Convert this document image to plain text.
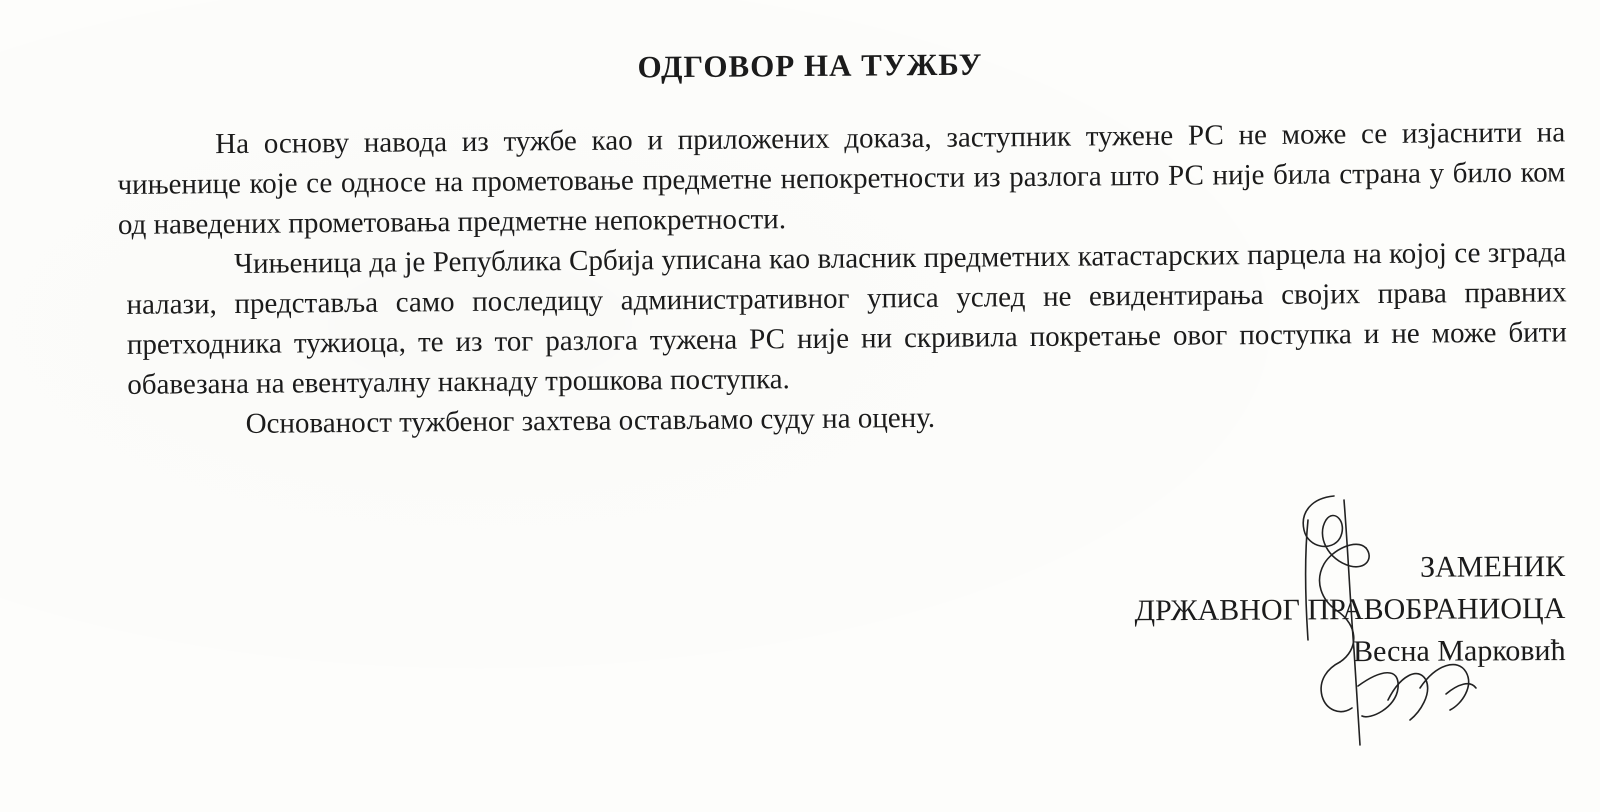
ОДГОВОР НА ТУЖБУ

На основу навода из тужбе као и приложених доказа, заступник тужене РС не може се изјаснити на чињенице које се односе на прометовање предметне непокретности из разлога што РС није била страна у било ком од наведених прометовања предметне непокретности.

Чињеница да је Република Србија уписана као власник предметних катастарских парцела на којој се зграда налази, представља само последицу административног уписа услед не евидентирања својих права правних претходника тужиоца, те из тог разлога тужена РС није ни скривила покретање овог поступка и не може бити обавезана на евентуалну накнаду трошкова поступка.

Основаност тужбеног захтева остављамо суду на оцену.

ЗАМЕНИК
ДРЖАВНОГ ПРАВОБРАНИОЦА
Весна Марковић
